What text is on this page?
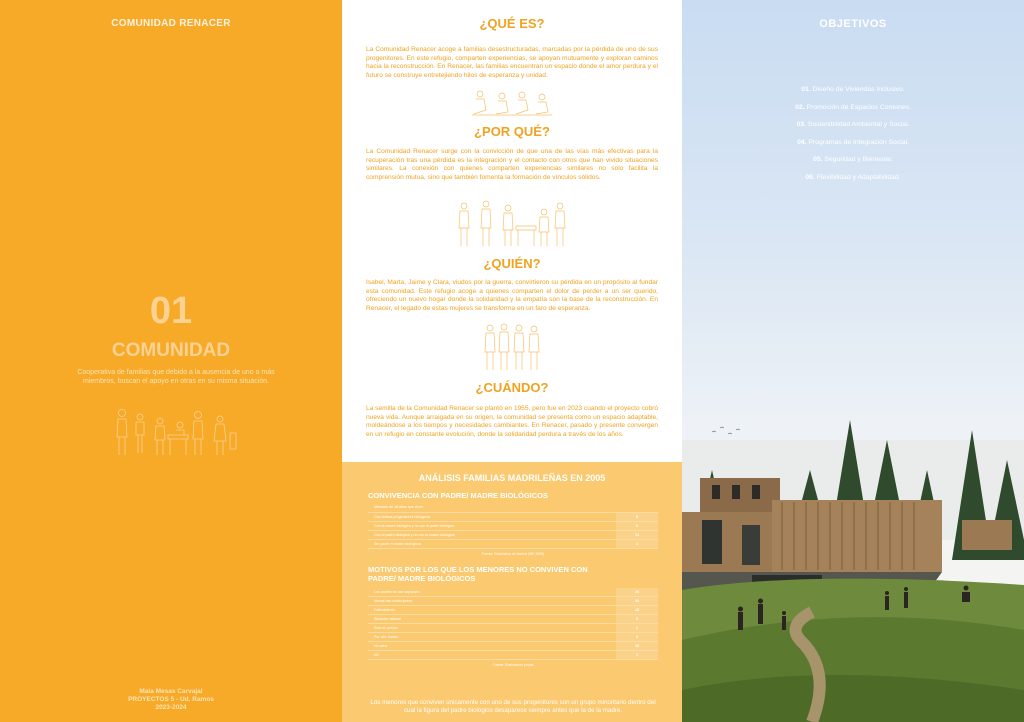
COMUNIDAD RENACER
01
COMUNIDAD
Cooperativa de familias que debido a la ausencia de uno o más miembros, buscan el apoyo en otras en su misma situación.
Maia Mesas Carvajal
PROYECTOS 5 - Ud. Ramos
2023-2024
¿QUÉ ES?

La Comunidad Renacer acoge a familias desestructuradas, marcadas por la pérdida de uno de sus progenitores. En este refugio, comparten experiencias, se apoyan mutuamente y exploran caminos hacia la reconstrucción. En Renacer, las familias encuentran un espacio donde el amor perdura y el futuro se construye entretejiendo hilos de esperanza y unidad.

¿POR QUÉ?

La Comunidad Renacer surge con la convicción de que una de las vías más efectivas para la recuperación tras una pérdida es la integración y el contacto con otros que han vivido situaciones similares. La conexión con quienes comparten experiencias similares no solo facilita la comprensión mutua, sino que también fomenta la formación de vínculos sólidos.

¿QUIÉN?

Isabel, Marta, Jaime y Clara, viudos por la guerra, convirtieron su pérdida en un propósito al fundar esta comunidad. Este refugio acoge a quienes comparten el dolor de perder a un ser querido, ofreciendo un nuevo hogar donde la solidaridad y la empatía son la base de la reconstrucción. En Renacer, el legado de estas mujeres se transforma en un faro de esperanza.

¿CUÁNDO?

La semilla de la Comunidad Renacer se plantó en 1955, pero fue en 2023 cuando el proyecto cobró nueva vida. Aunque arraigada en su origen, la comunidad se presenta como un espacio adaptable, moldeándose a los tiempos y necesidades cambiantes. En Renacer, pasado y presente convergen en un refugio en constante evolución, donde la solidaridad perdura a través de los años.

ANÁLISIS FAMILIAS MADRILEÑAS EN 2005
CONVIVENCIA CON PADRE/ MADRE BIOLÓGICOS
Menores de 18 años que viven
Con ambos progenitores biológicos	8
Con la madre biológica y no con el padre biológico	6
Con el padre biológico y no con la madre biológica	14
Sin padre ni madre biológicos	1
Fuente: Estadística de Madrid (INE 2005)
MOTIVOS POR LOS QUE LOS MENORES NO CONVIVEN CON PADRE/ MADRE BIOLÓGICOS
Los padres se han separado	20
Nunca han vivido juntos	54
Fallecimiento	15
Situación laboral	5
Está en prisión	2
Por otro motivo	3
No sabe	28
NC	1
Fuente: Elaboración propia
Los menores que conviven únicamente con uno de sus progenitores son un grupo minoritario dentro del cual la figura del padre biológico desaparece siempre antes que la de la madre.
OBJETIVOS
01. Diseño de Viviendas Inclusivo.
02. Promoción de Espacios Comunes.
03. Sostenibilidad Ambiental y Social.
04. Programas de Integración Social.
05. Seguridad y Bienestar.
06. Flexibilidad y Adaptabilidad.
